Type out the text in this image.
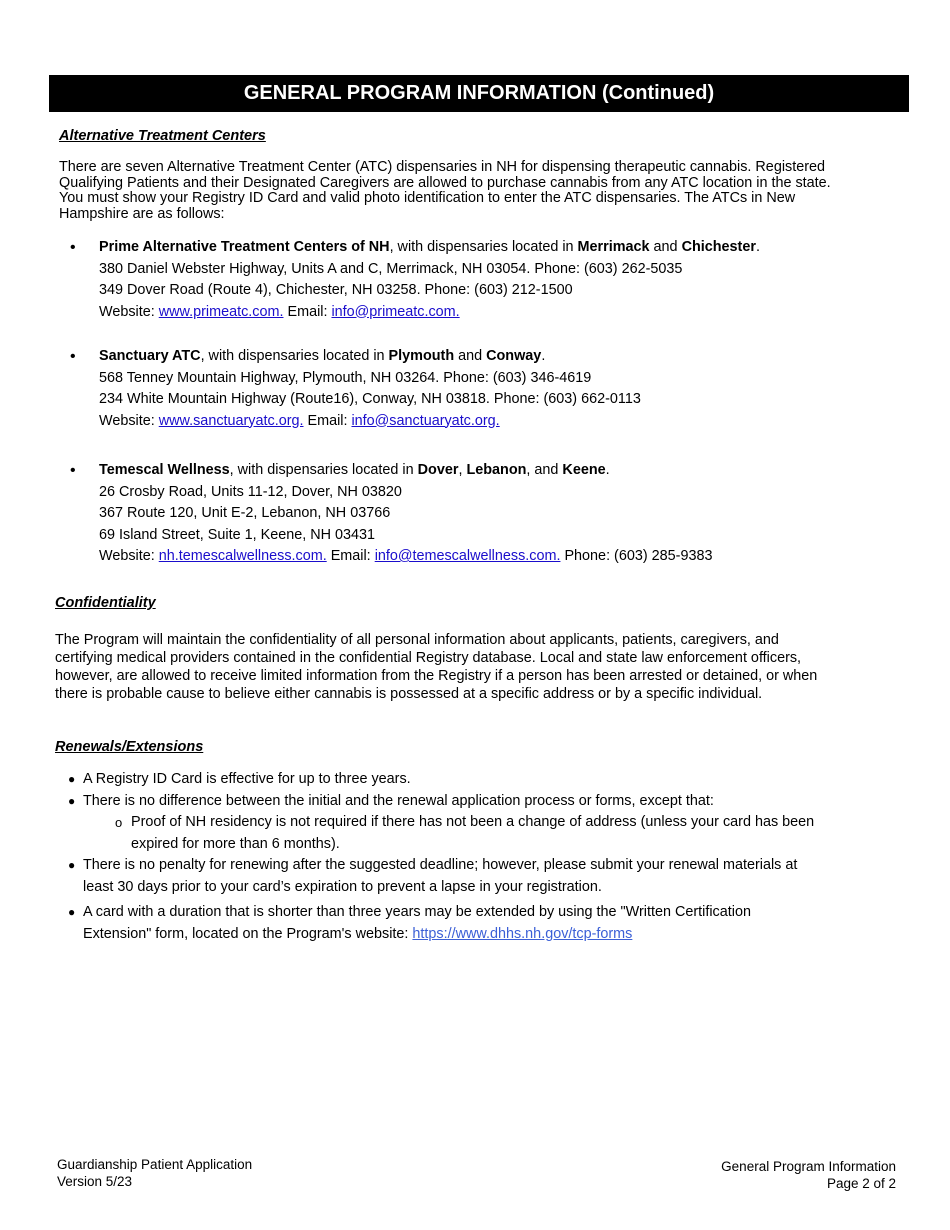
GENERAL PROGRAM INFORMATION (Continued)
Alternative Treatment Centers
There are seven Alternative Treatment Center (ATC) dispensaries in NH for dispensing therapeutic cannabis. Registered
Qualifying Patients and their Designated Caregivers are allowed to purchase cannabis from any ATC location in the state.
You must show your Registry ID Card and valid photo identification to enter the ATC dispensaries. The ATCs in New
Hampshire are as follows:
• Prime Alternative Treatment Centers of NH, with dispensaries located in Merrimack and Chichester.
380 Daniel Webster Highway, Units A and C, Merrimack, NH 03054. Phone: (603) 262-5035
349 Dover Road (Route 4), Chichester, NH 03258. Phone: (603) 212-1500
Website: www.primeatc.com. Email: info@primeatc.com.
• Sanctuary ATC, with dispensaries located in Plymouth and Conway.
568 Tenney Mountain Highway, Plymouth, NH 03264. Phone: (603) 346-4619
234 White Mountain Highway (Route16), Conway, NH 03818. Phone: (603) 662-0113
Website: www.sanctuaryatc.org. Email: info@sanctuaryatc.org.
• Temescal Wellness, with dispensaries located in Dover, Lebanon, and Keene.
26 Crosby Road, Units 11-12, Dover, NH 03820
367 Route 120, Unit E-2, Lebanon, NH 03766
69 Island Street, Suite 1, Keene, NH 03431
Website: nh.temescalwellness.com. Email: info@temescalwellness.com. Phone: (603) 285-9383
Confidentiality
The Program will maintain the confidentiality of all personal information about applicants, patients, caregivers, and
certifying medical providers contained in the confidential Registry database. Local and state law enforcement officers,
however, are allowed to receive limited information from the Registry if a person has been arrested or detained, or when
there is probable cause to believe either cannabis is possessed at a specific address or by a specific individual.
Renewals/Extensions
● A Registry ID Card is effective for up to three years.
● There is no difference between the initial and the renewal application process or forms, except that:
o Proof of NH residency is not required if there has not been a change of address (unless your card has been
expired for more than 6 months).
● There is no penalty for renewing after the suggested deadline; however, please submit your renewal materials at
least 30 days prior to your card’s expiration to prevent a lapse in your registration.
● A card with a duration that is shorter than three years may be extended by using the "Written Certification
Extension" form, located on the Program's website: https://www.dhhs.nh.gov/tcp-forms
Guardianship Patient Application
Version 5/23
General Program Information
Page 2 of 2
